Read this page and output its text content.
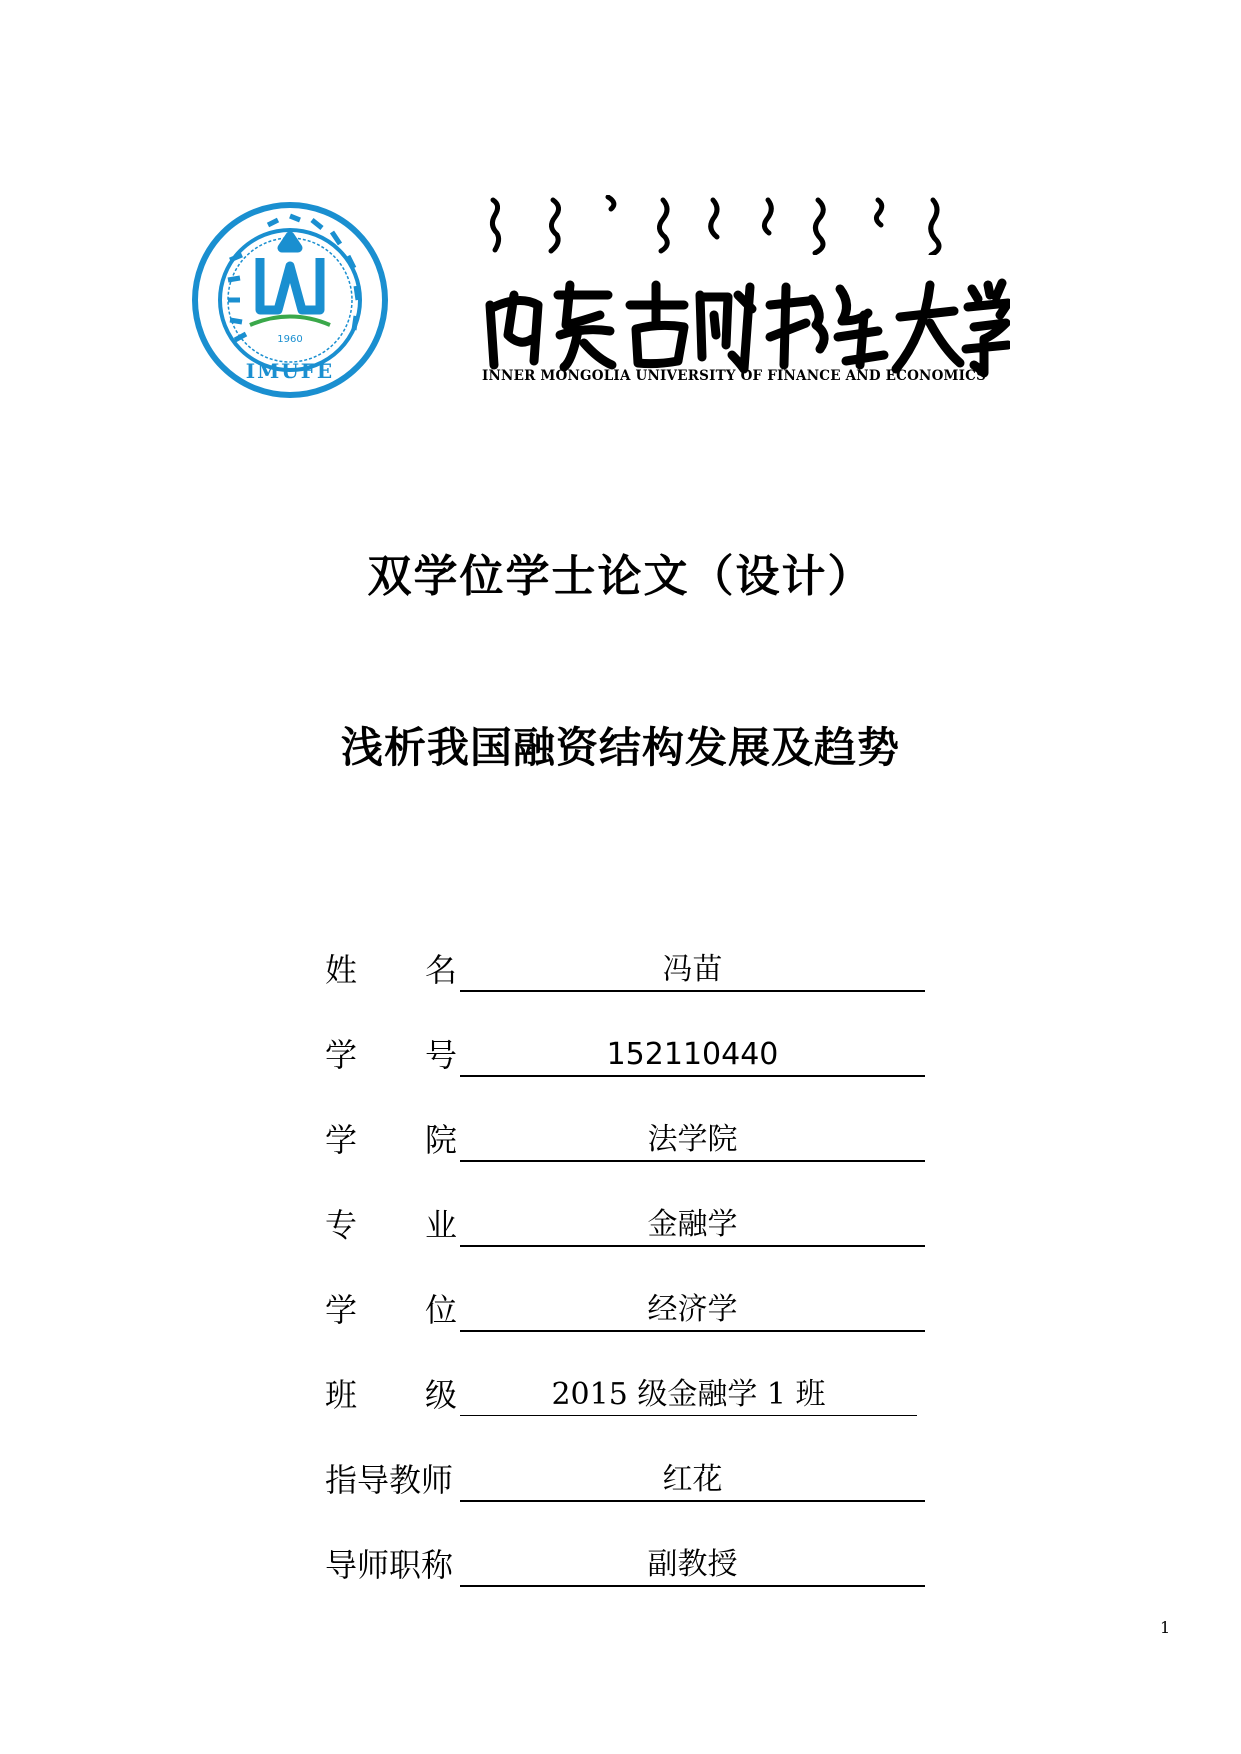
1960
IMUFE	INNER MONGOLIA UNIVERSITY OF FINANCE AND ECONOMICS
双学位学士论文（设计）
浅析我国融资结构发展及趋势
姓 名	冯苗
学 号	152110440
学 院	法学院
专 业	金融学
学 位	经济学
班 级	2015 级金融学 1 班
指导教师	红花
导师职称	副教授
1
